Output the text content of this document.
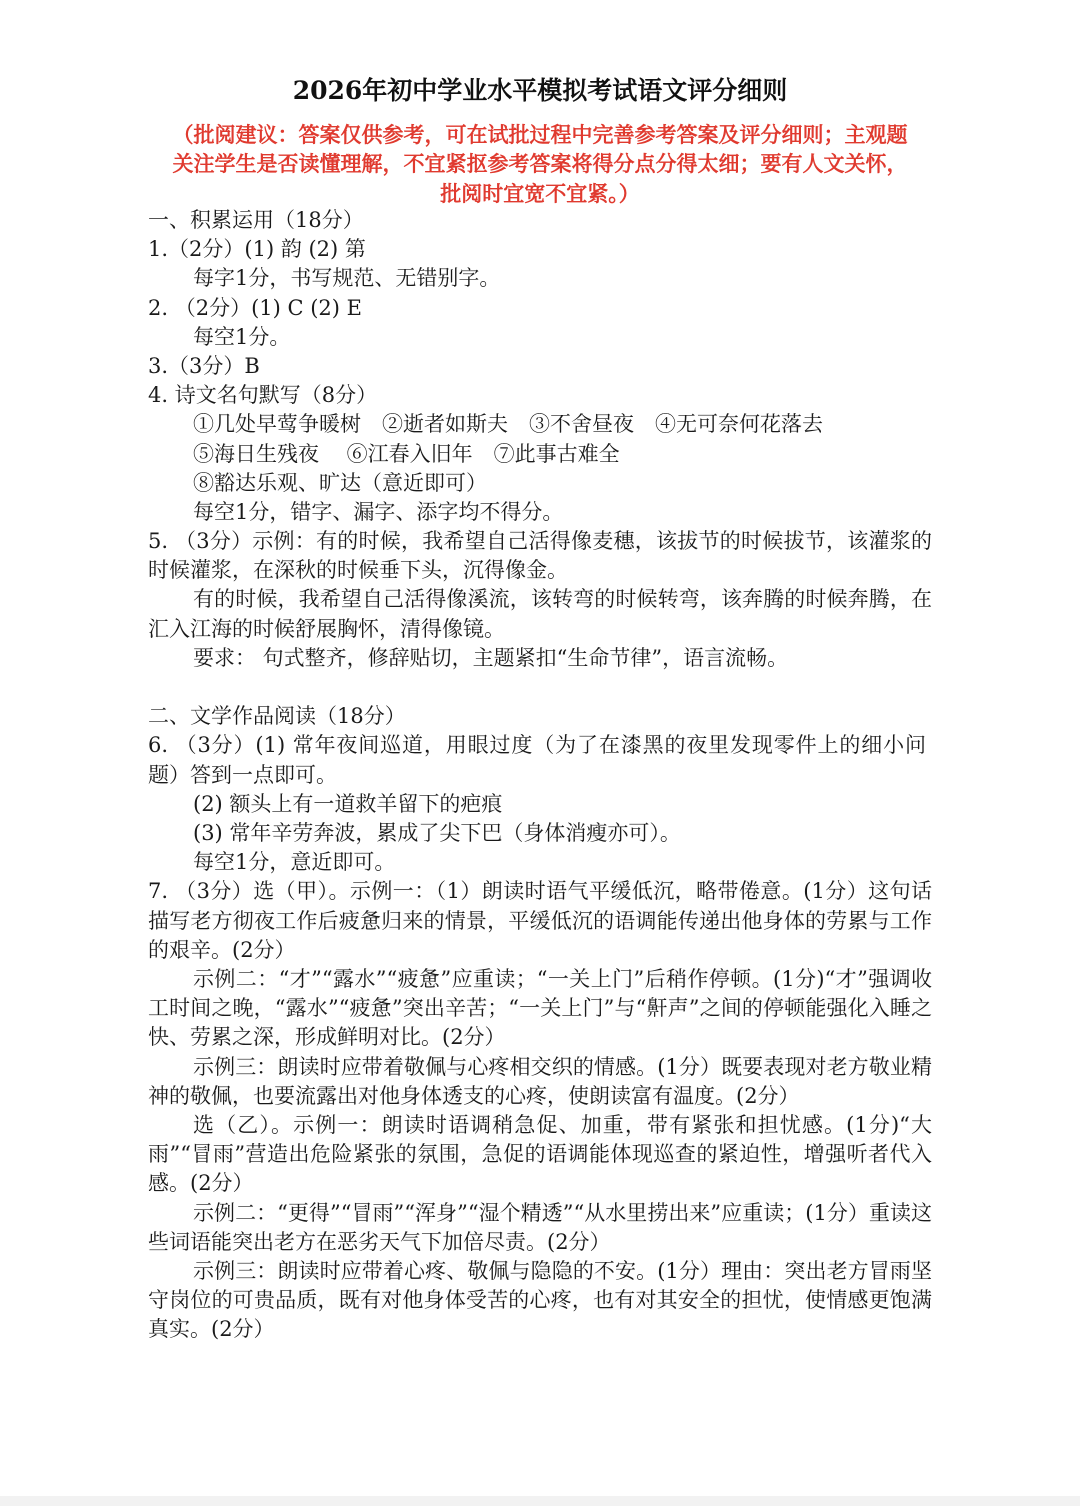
2026年初中学业水平模拟考试语文评分细则
（批阅建议：答案仅供参考，可在试批过程中完善参考答案及评分细则；主观题
关注学生是否读懂理解，不宜紧抠参考答案将得分点分得太细；要有人文关怀，
批阅时宜宽不宜紧。）
一、积累运用（18分）
1.（2分）(1) 韵 (2) 第
每字1分，书写规范、无错别字。
2. （2分）(1) C (2) E
每空1分。
3.（3分）B
4. 诗文名句默写（8分）
①几处早莺争暖树　②逝者如斯夫　③不舍昼夜　④无可奈何花落去
⑤海日生残夜　 ⑥江春入旧年　⑦此事古难全
⑧豁达乐观、旷达（意近即可）
每空1分，错字、漏字、添字均不得分。
5. （3分）示例：有的时候，我希望自己活得像麦穗，该拔节的时候拔节，该灌浆的时候灌浆，在深秋的时候垂下头，沉得像金。
有的时候，我希望自己活得像溪流，该转弯的时候转弯，该奔腾的时候奔腾，在汇入江海的时候舒展胸怀，清得像镜。
要求： 句式整齐，修辞贴切，主题紧扣“生命节律”，语言流畅。
二、文学作品阅读（18分）
6. （3分）(1) 常年夜间巡道，用眼过度（为了在漆黑的夜里发现零件上的细小问题）答到一点即可。
(2) 额头上有一道救羊留下的疤痕
(3) 常年辛劳奔波，累成了尖下巴（身体消瘦亦可）。
每空1分，意近即可。
7. （3分）选（甲）。示例一：（1）朗读时语气平缓低沉，略带倦意。(1分）这句话描写老方彻夜工作后疲惫归来的情景，平缓低沉的语调能传递出他身体的劳累与工作的艰辛。(2分）
示例二：“才”“露水”“疲惫”应重读；“一关上门”后稍作停顿。(1分)“才”强调收工时间之晚，“露水”“疲惫”突出辛苦；“一关上门”与“鼾声”之间的停顿能强化入睡之快、劳累之深，形成鲜明对比。(2分）
示例三：朗读时应带着敬佩与心疼相交织的情感。(1分）既要表现对老方敬业精神的敬佩，也要流露出对他身体透支的心疼，使朗读富有温度。(2分）
选（乙）。示例一：朗读时语调稍急促、加重，带有紧张和担忧感。(1分)“大雨”“冒雨”营造出危险紧张的氛围，急促的语调能体现巡查的紧迫性，增强听者代入感。(2分）
示例二：“更得”“冒雨”“浑身”“湿个精透”“从水里捞出来”应重读；(1分）重读这些词语能突出老方在恶劣天气下加倍尽责。(2分）
示例三：朗读时应带着心疼、敬佩与隐隐的不安。(1分）理由：突出老方冒雨坚守岗位的可贵品质，既有对他身体受苦的心疼，也有对其安全的担忧，使情感更饱满真实。(2分）
